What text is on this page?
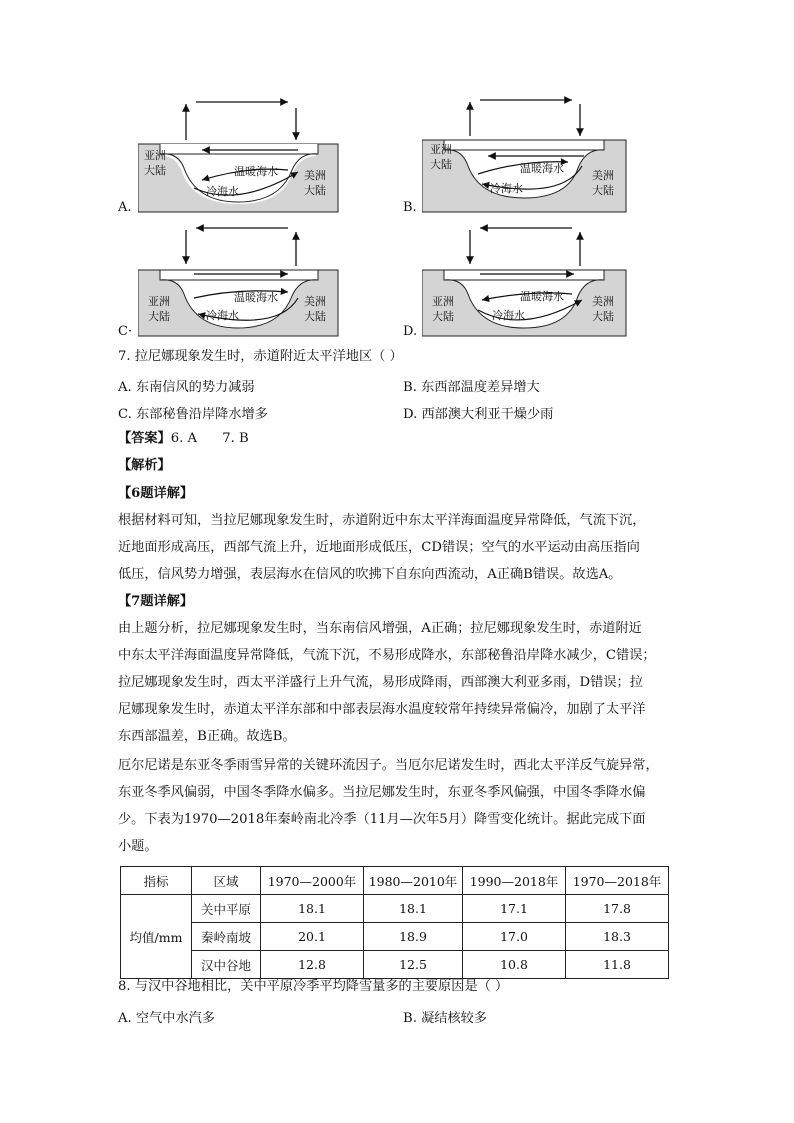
亚洲
大陆	美洲
大陆
温暖海水
冷海水
A.
亚洲
大陆
美洲
大陆
温暖海水
冷海水
B.
亚洲
大陆
美洲
大陆
温暖海水
冷海水
C·
亚洲
大陆
美洲
大陆
温暖海水
冷海水
D.
7. 拉尼娜现象发生时，赤道附近太平洋地区（ ）
A. 东南信风的势力减弱	B. 东西部温度差异增大
C. 东部秘鲁沿岸降水增多	D. 西部澳大利亚干燥少雨
【答案】6. A      7. B
【解析】
【6题详解】
根据材料可知，当拉尼娜现象发生时，赤道附近中东太平洋海面温度异常降低，气流下沉，
近地面形成高压，西部气流上升，近地面形成低压，CD错误；空气的水平运动由高压指向
低压，信风势力增强，表层海水在信风的吹拂下自东向西流动，A正确B错误。故选A。
【7题详解】
由上题分析，拉尼娜现象发生时，当东南信风增强，A正确；拉尼娜现象发生时，赤道附近
中东太平洋海面温度异常降低，气流下沉，不易形成降水，东部秘鲁沿岸降水减少，C错误；
拉尼娜现象发生时，西太平洋盛行上升气流，易形成降雨，西部澳大利亚多雨，D错误；拉
尼娜现象发生时，赤道太平洋东部和中部表层海水温度较常年持续异常偏冷，加剧了太平洋
东西部温差，B正确。故选B。
厄尔尼诺是东亚冬季雨雪异常的关键环流因子。当厄尔尼诺发生时，西北太平洋反气旋异常，
东亚冬季风偏弱，中国冬季降水偏多。当拉尼娜发生时，东亚冬季风偏强，中国冬季降水偏
少。下表为1970—2018年秦岭南北冷季（11月—次年5月）降雪变化统计。据此完成下面
小题。
指标	区域	1970—2000年	1980—2010年	1990—2018年	1970—2018年
均值/mm	关中平原	18.1	18.1	17.1	17.8
	秦岭南坡	20.1	18.9	17.0	18.3
	汉中谷地	12.8	12.5	10.8	11.8
8. 与汉中谷地相比，关中平原冷季平均降雪量多的主要原因是（ ）
A. 空气中水汽多	B. 凝结核较多
